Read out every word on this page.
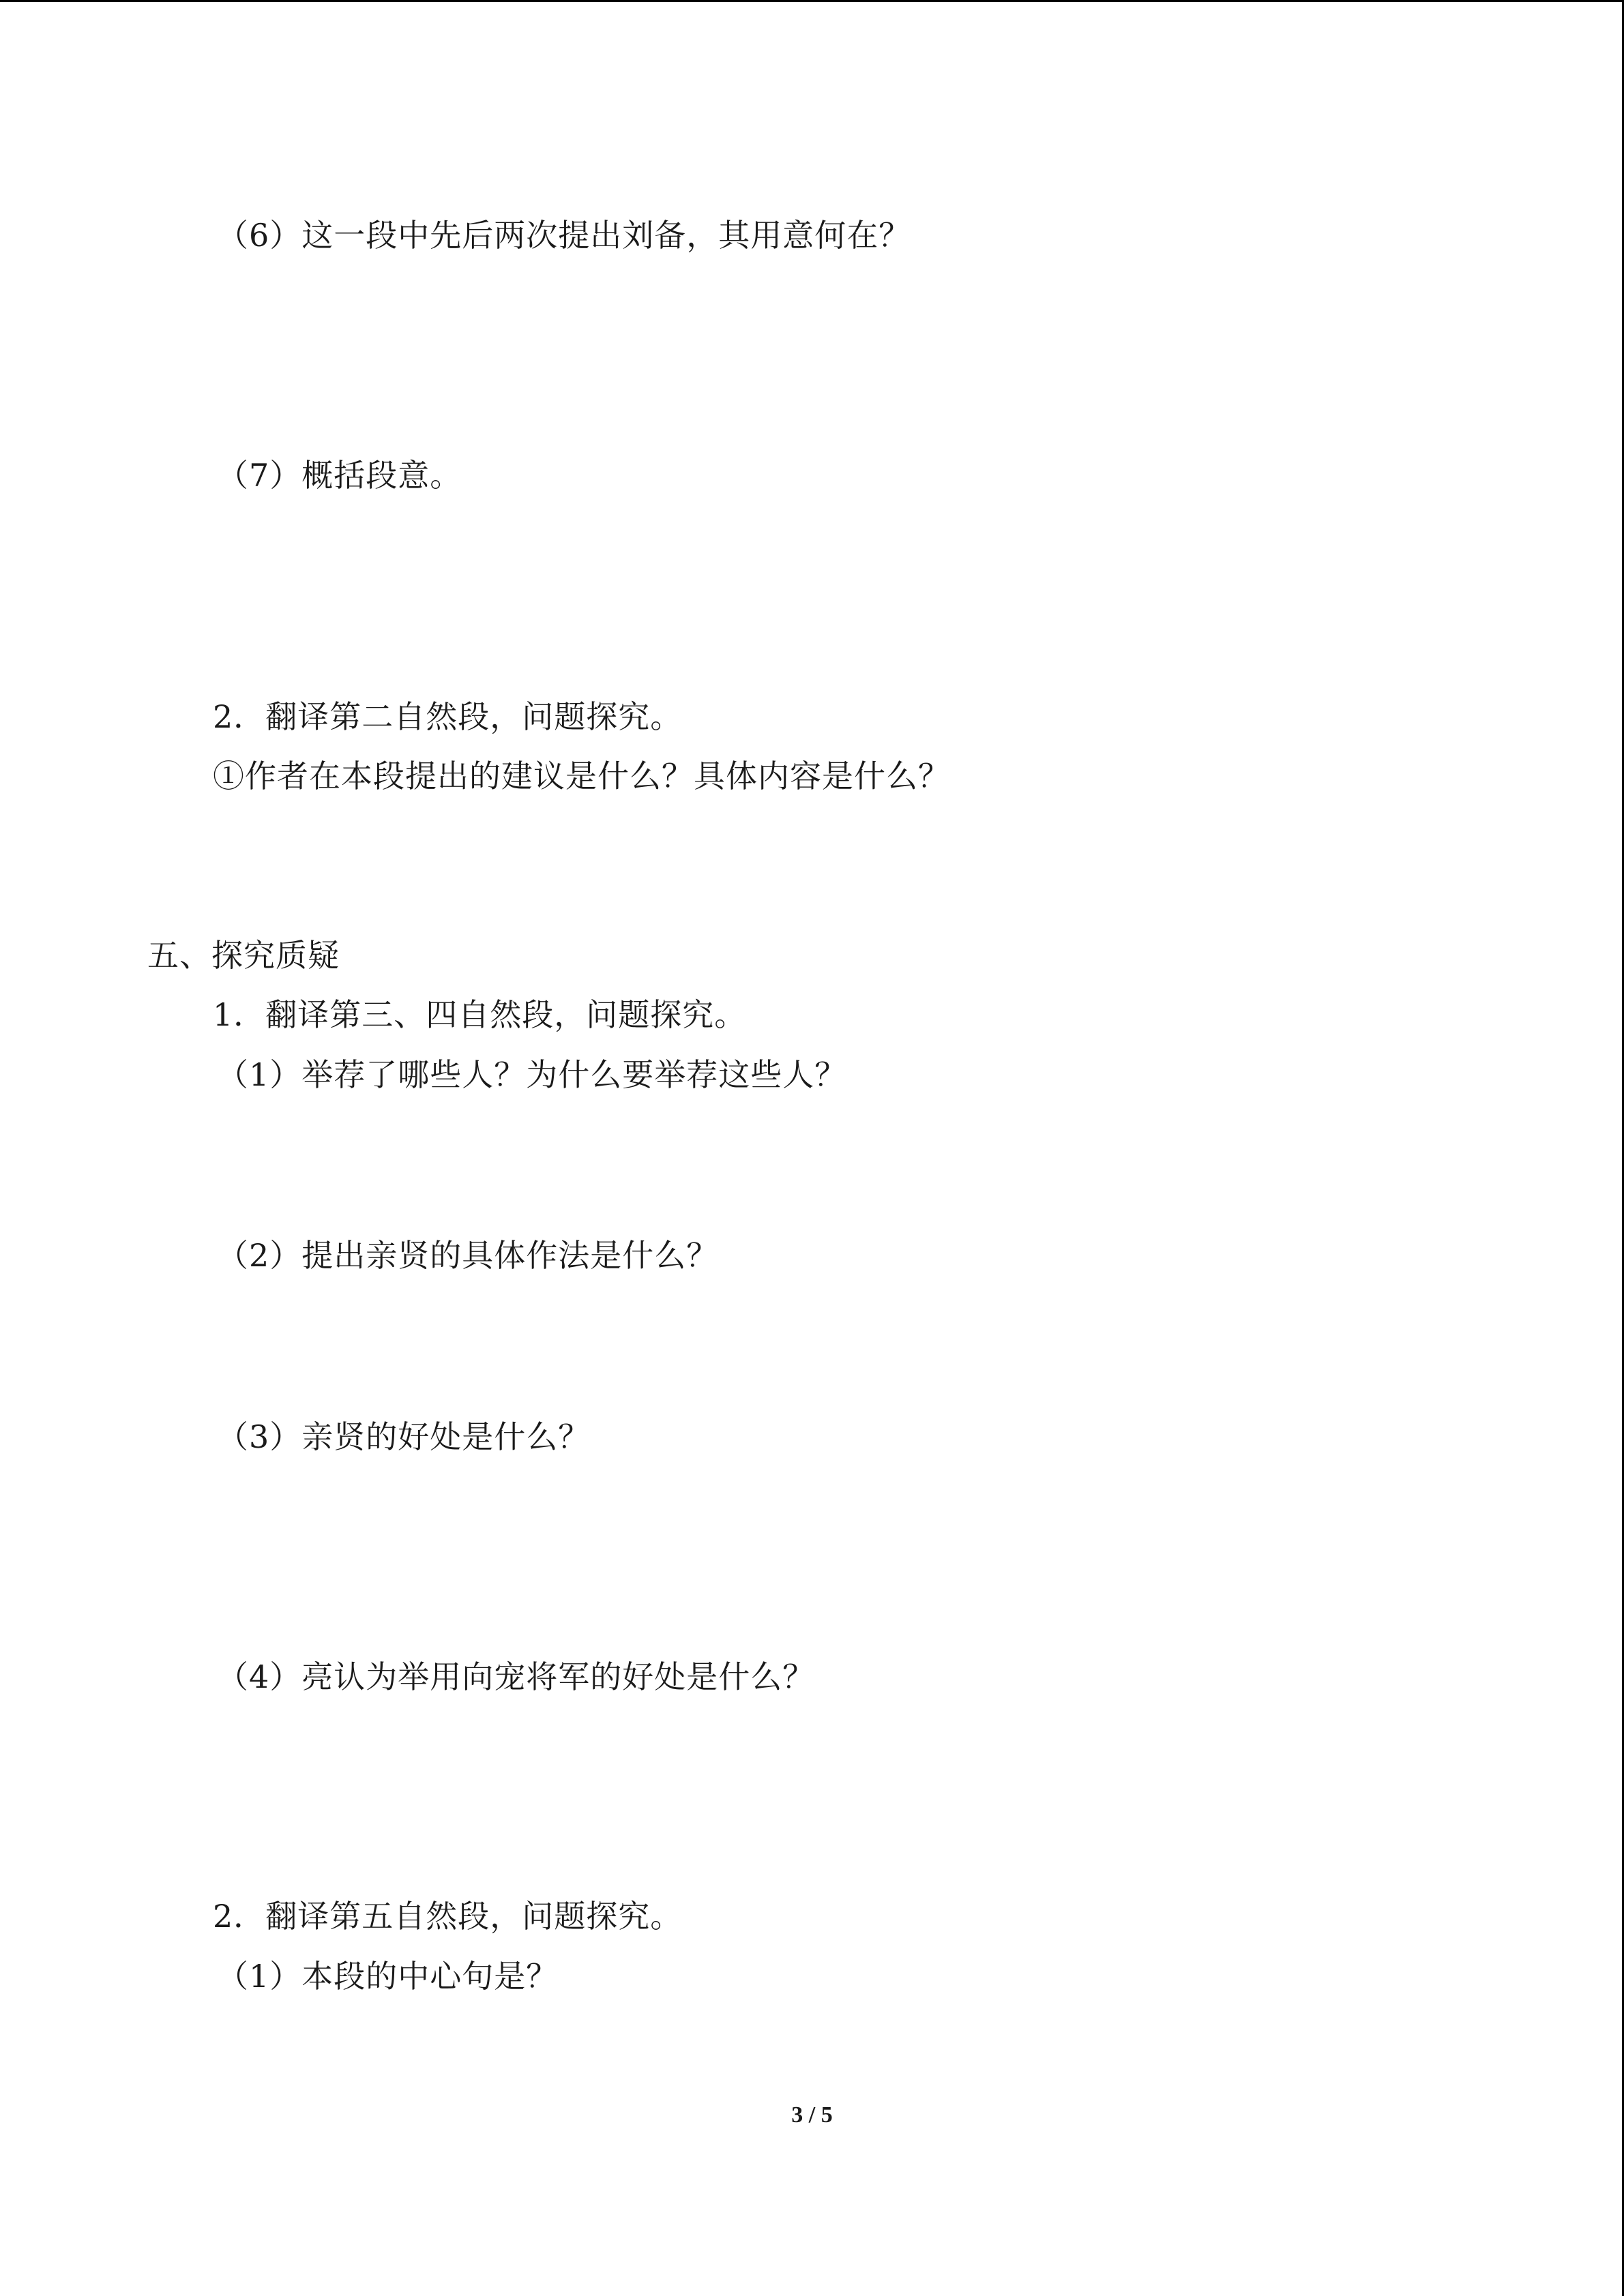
（6）这一段中先后两次提出刘备，其用意何在？
（7）概括段意。
2．翻译第二自然段，问题探究。
①作者在本段提出的建议是什么？具体内容是什么？
五、探究质疑
1．翻译第三、四自然段，问题探究。
（1）举荐了哪些人？为什么要举荐这些人？
（2）提出亲贤的具体作法是什么？
（3）亲贤的好处是什么？
（4）亮认为举用向宠将军的好处是什么？
2．翻译第五自然段，问题探究。
（1）本段的中心句是？
3 / 5
